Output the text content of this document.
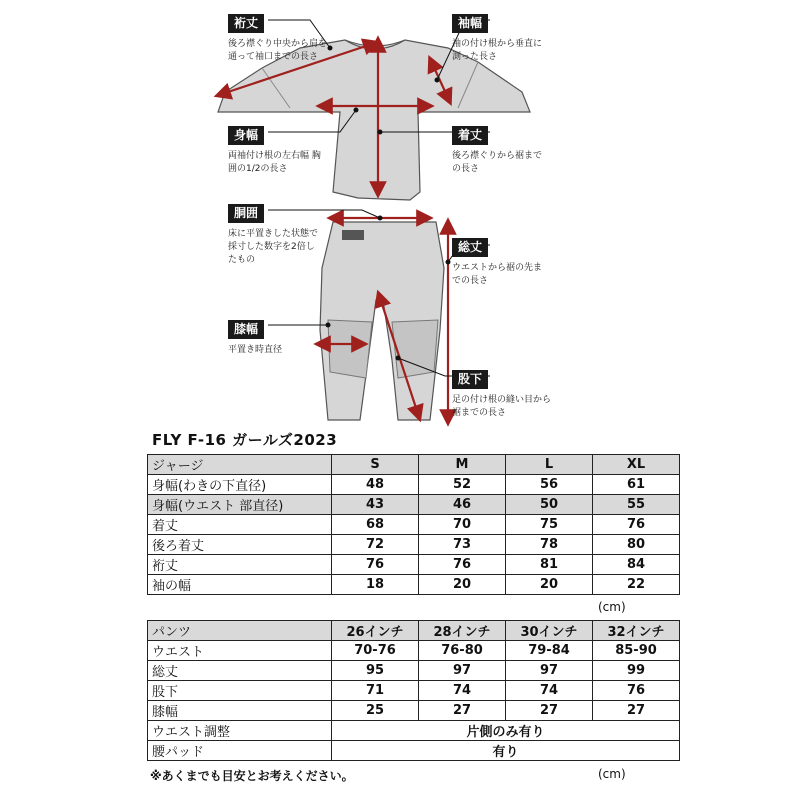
裄丈
後ろ襟ぐり中央から肩を通って袖口までの長さ
袖幅
袖の付け根から垂直に測った長さ
身幅
両袖付け根の左右幅 胸囲の1/2の長さ
着丈
後ろ襟ぐりから裾までの長さ
胴囲
床に平置きした状態で採寸した数字を2倍したもの
総丈
ウエストから裾の先までの長さ
膝幅
平置き時直径
股下
足の付け根の縫い目から裾までの長さ
FLY F-16 ガールズ2023
ジャージ	S	M	L	XL
身幅(わきの下直径)	48	52	56	61
身幅(ウエスト 部直径)	43	46	50	55
着丈	68	70	75	76
後ろ着丈	72	73	78	80
裄丈	76	76	81	84
袖の幅	18	20	20	22
(cm)
パンツ	26インチ	28インチ	30インチ	32インチ
ウエスト	70-76	76-80	79-84	85-90
総丈	95	97	97	99
股下	71	74	74	76
膝幅	25	27	27	27
ウエスト調整	片側のみ有り			
腰パッド	有り			
※あくまでも目安とお考えください。	(cm)
